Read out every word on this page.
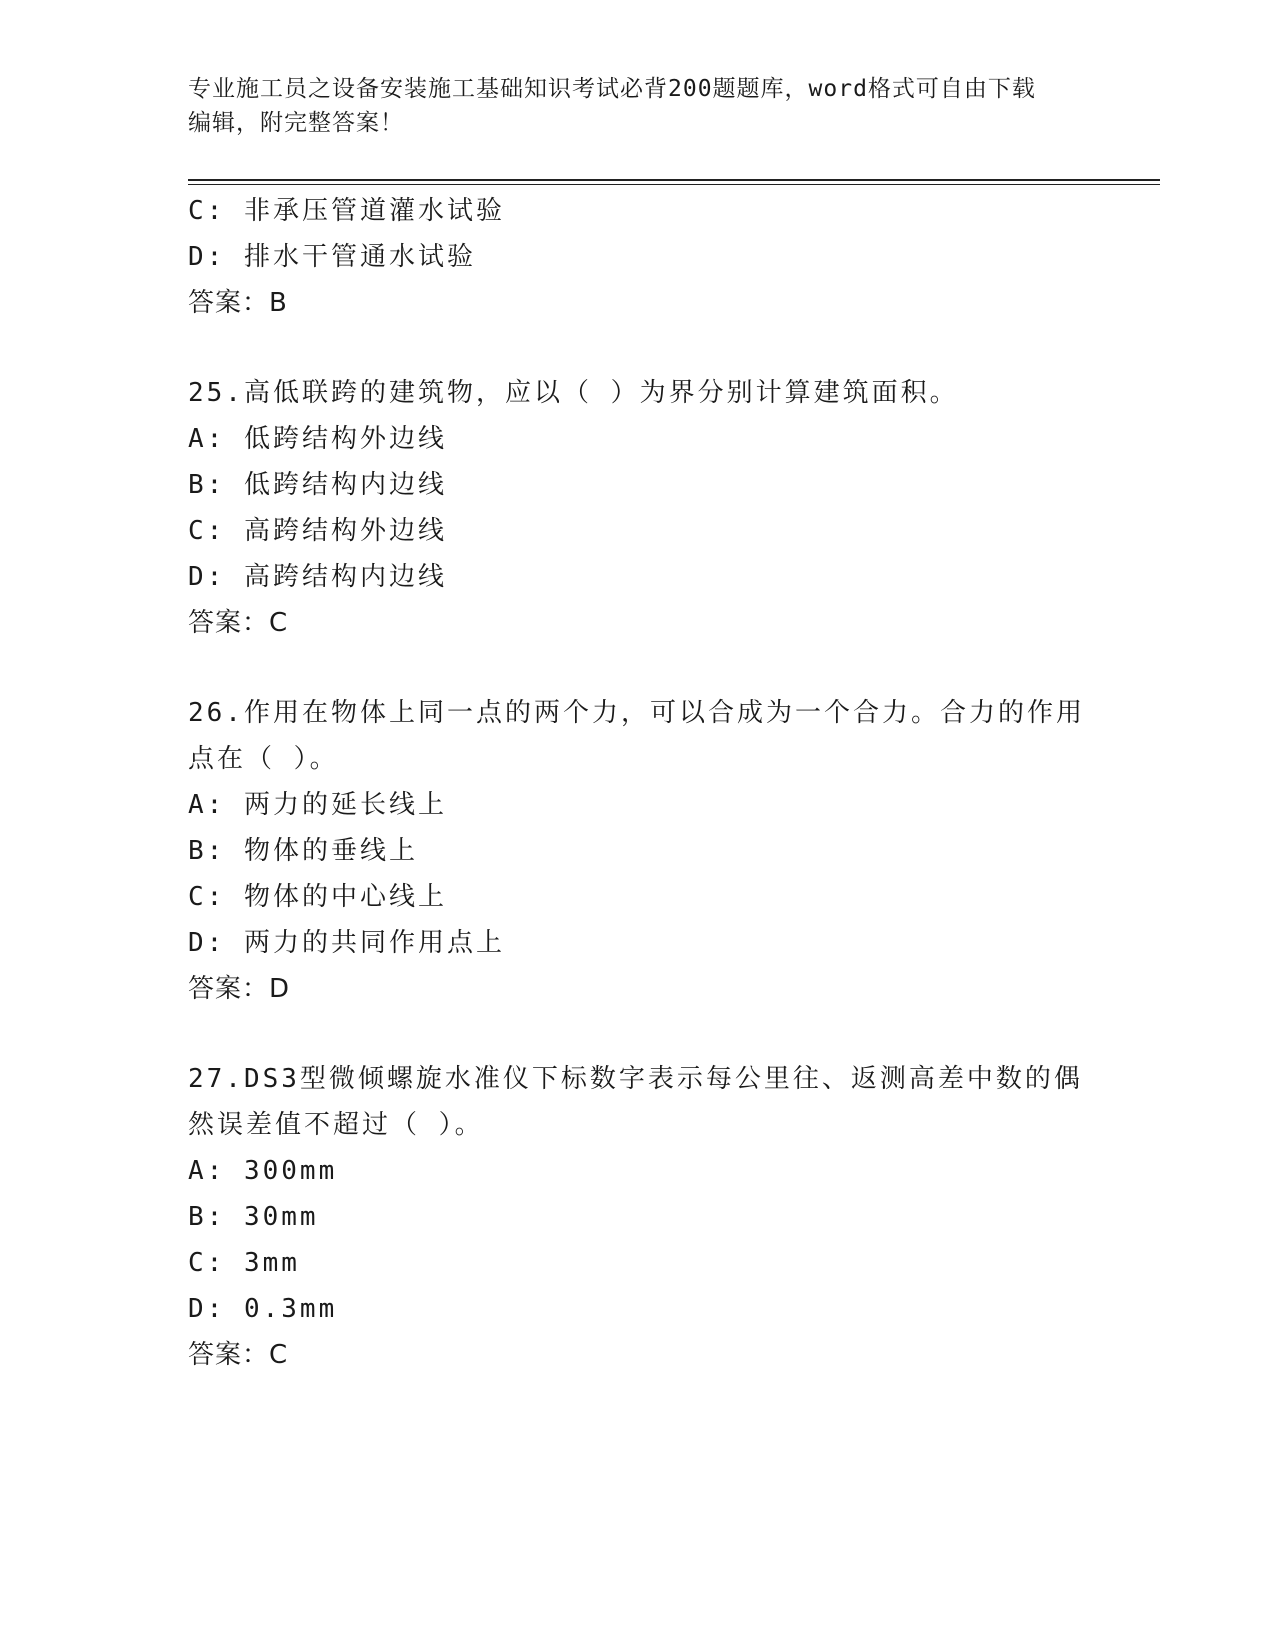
专业施工员之设备安装施工基础知识考试必背200题题库，word格式可自由下载
编辑，附完整答案！
C: 非承压管道灌水试验
D: 排水干管通水试验
答案：B
25.高低联跨的建筑物，应以（ ）为界分别计算建筑面积。
A: 低跨结构外边线
B: 低跨结构内边线
C: 高跨结构外边线
D: 高跨结构内边线
答案：C
26.作用在物体上同一点的两个力，可以合成为一个合力。合力的作用
点在（ ）。
A: 两力的延长线上
B: 物体的垂线上
C: 物体的中心线上
D: 两力的共同作用点上
答案：D
27.DS3型微倾螺旋水准仪下标数字表示每公里往、返测高差中数的偶
然误差值不超过（ ）。
A: 300mm
B: 30mm
C: 3mm
D: 0.3mm
答案：C
